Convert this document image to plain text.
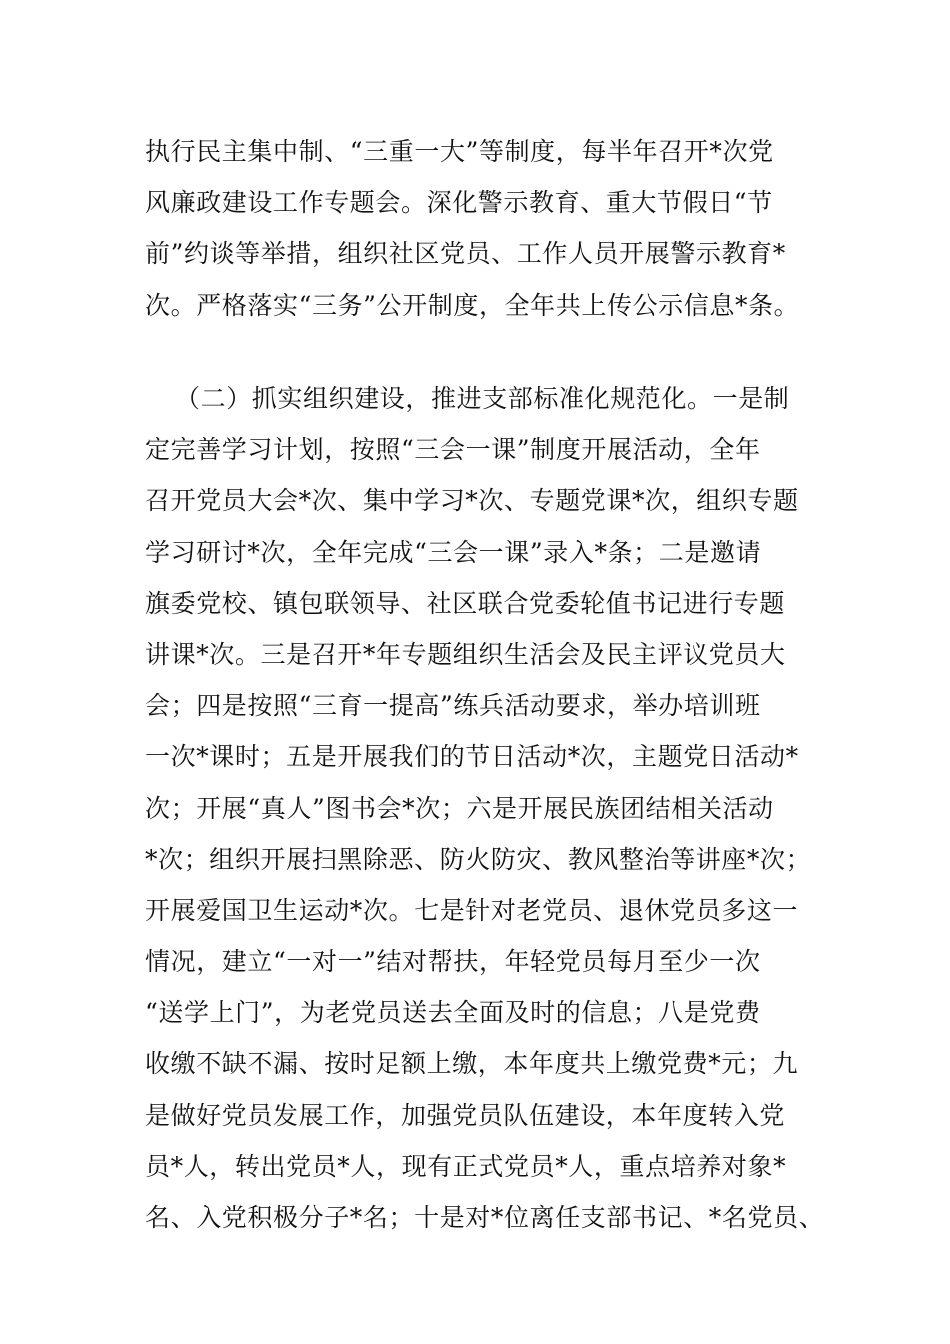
执行民主集中制、“三重一大”等制度，每半年召开*次党
风廉政建设工作专题会。深化警示教育、重大节假日“节
前”约谈等举措，组织社区党员、工作人员开展警示教育*
次。严格落实“三务”公开制度，全年共上传公示信息*条。
（二）抓实组织建设，推进支部标准化规范化。一是制
定完善学习计划，按照“三会一课”制度开展活动，全年
召开党员大会*次、集中学习*次、专题党课*次，组织专题
学习研讨*次，全年完成“三会一课”录入*条；二是邀请
旗委党校、镇包联领导、社区联合党委轮值书记进行专题
讲课*次。三是召开*年专题组织生活会及民主评议党员大
会；四是按照“三育一提高”练兵活动要求，举办培训班
一次*课时；五是开展我们的节日活动*次，主题党日活动*
次；开展“真人”图书会*次；六是开展民族团结相关活动
*次；组织开展扫黑除恶、防火防灾、教风整治等讲座*次；
开展爱国卫生运动*次。七是针对老党员、退休党员多这一
情况，建立“一对一”结对帮扶，年轻党员每月至少一次
“送学上门”，为老党员送去全面及时的信息；八是党费
收缴不缺不漏、按时足额上缴，本年度共上缴党费*元；九
是做好党员发展工作，加强党员队伍建设，本年度转入党
员*人，转出党员*人，现有正式党员*人，重点培养对象*
名、入党积极分子*名；十是对*位离任支部书记、*名党员、
